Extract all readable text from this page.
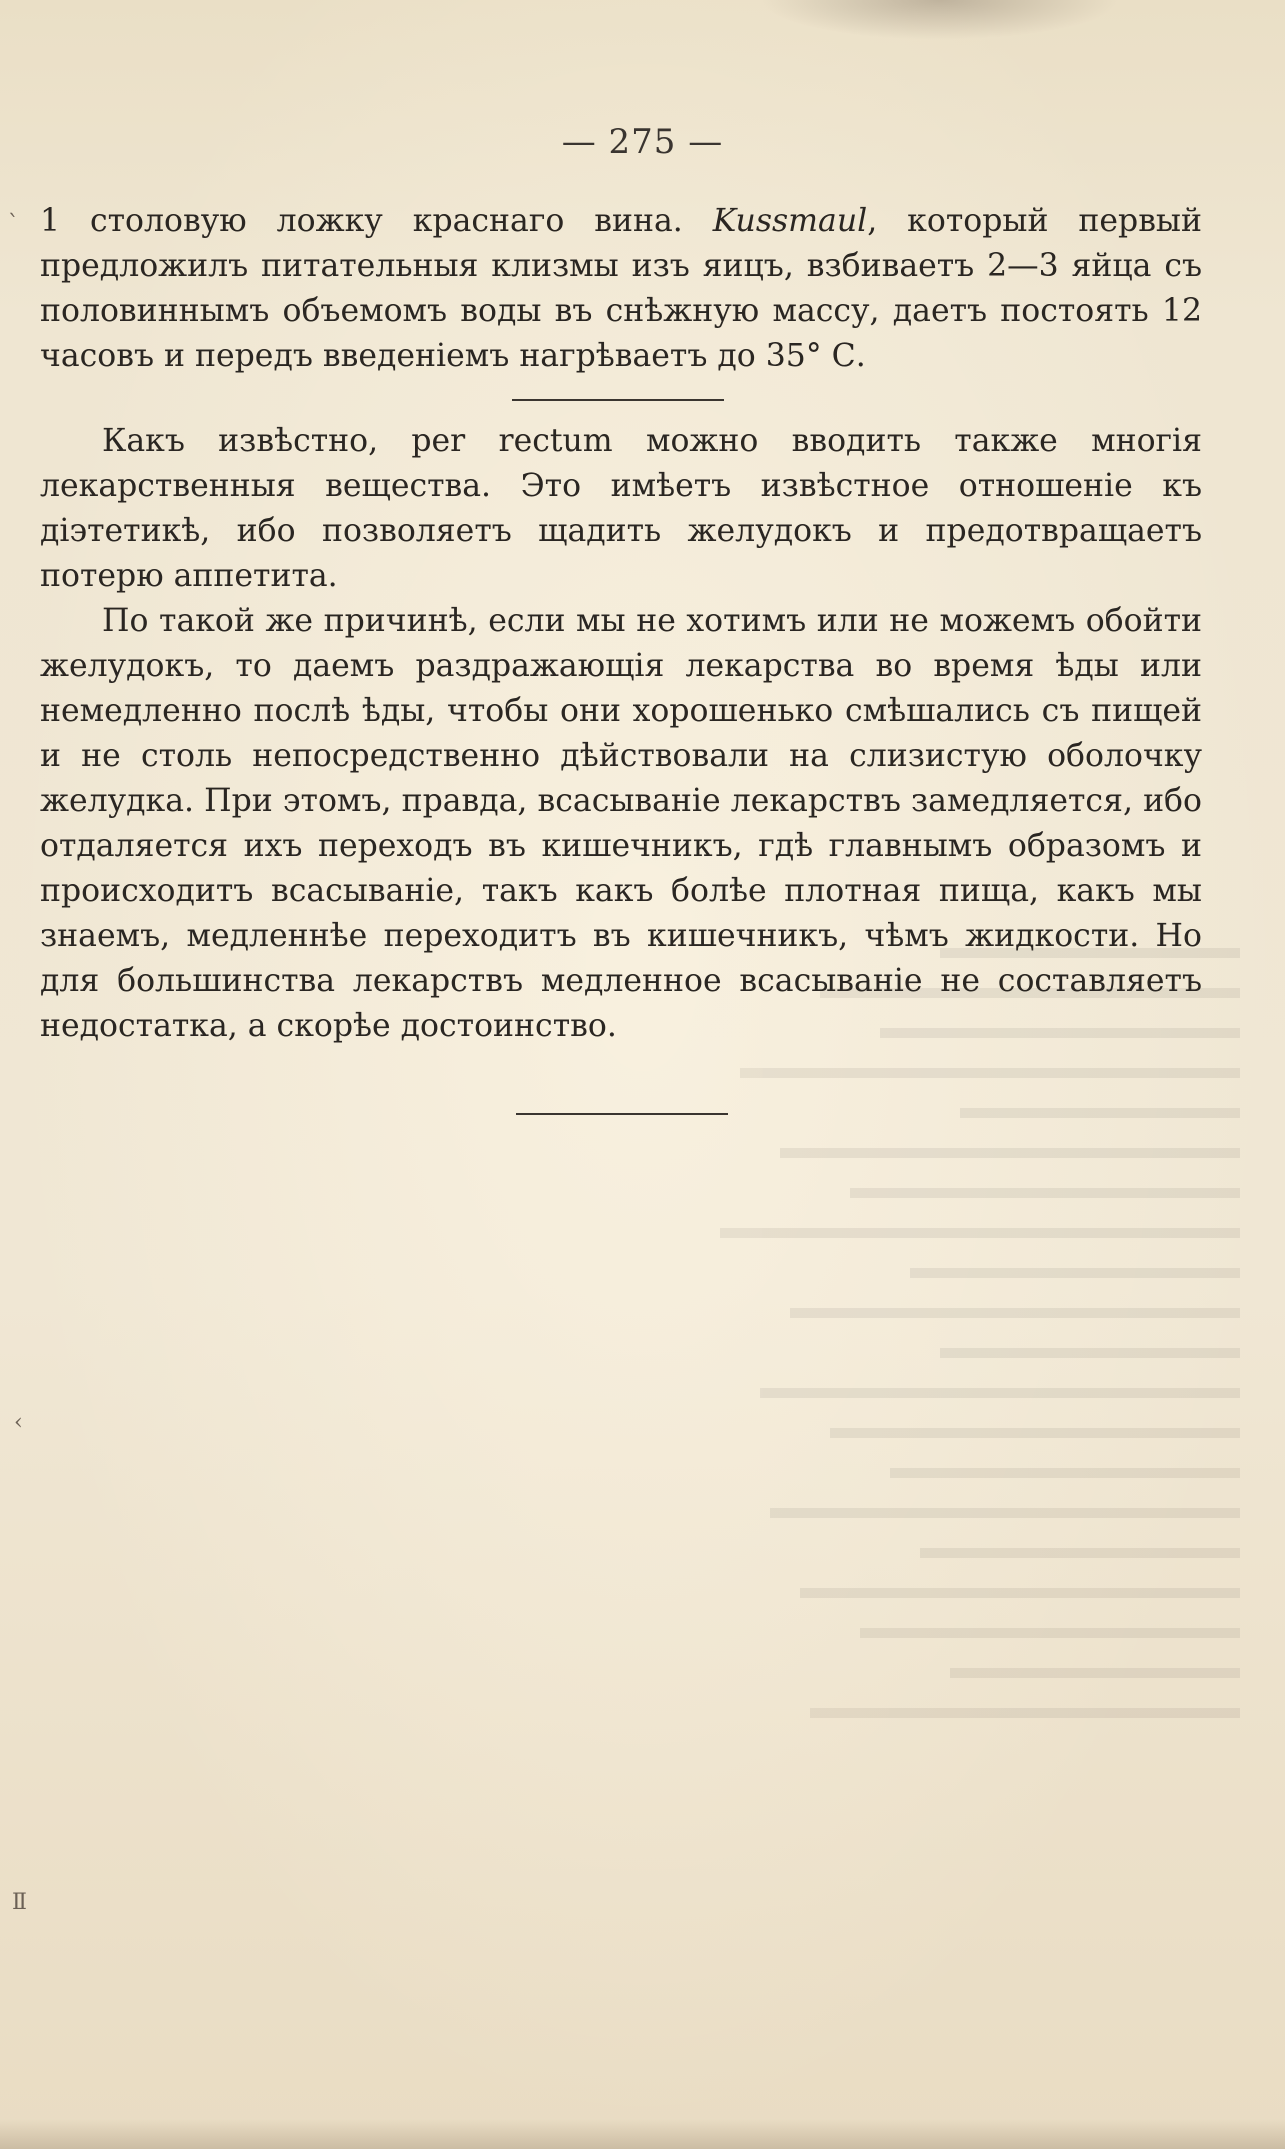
— 275 —

1 столовую ложку краснаго вина. Kussmaul, который первый предложилъ питательныя клизмы изъ яицъ, взбиваетъ 2—3 яйца съ половиннымъ объемомъ воды въ снѣжную массу, даетъ постоять 12 часовъ и передъ введеніемъ нагрѣваетъ до 35° С.

Какъ извѣстно, per rectum можно вводить также многія лекарственныя вещества. Это имѣетъ извѣстное отношеніе къ діэтетикѣ, ибо позволяетъ щадить желудокъ и предотвращаетъ потерю аппетита.

По такой же причинѣ, если мы не хотимъ или не можемъ обойти желудокъ, то даемъ раздражающія лекарства во время ѣды или немедленно послѣ ѣды, чтобы они хорошенько смѣшались съ пищей и не столь непосредственно дѣйствовали на слизистую оболочку желудка. При этомъ, правда, всасываніе лекарствъ замедляется, ибо отдаляется ихъ переходъ въ кишечникъ, гдѣ главнымъ образомъ и происходитъ всасываніе, такъ какъ болѣе плотная пища, какъ мы знаемъ, медленнѣе переходитъ въ кишечникъ, чѣмъ жидкости. Но для большинства лекарствъ медленное всасываніе не составляетъ недостатка, а скорѣе достоинство.

ˋ
‹
Ⅱ
